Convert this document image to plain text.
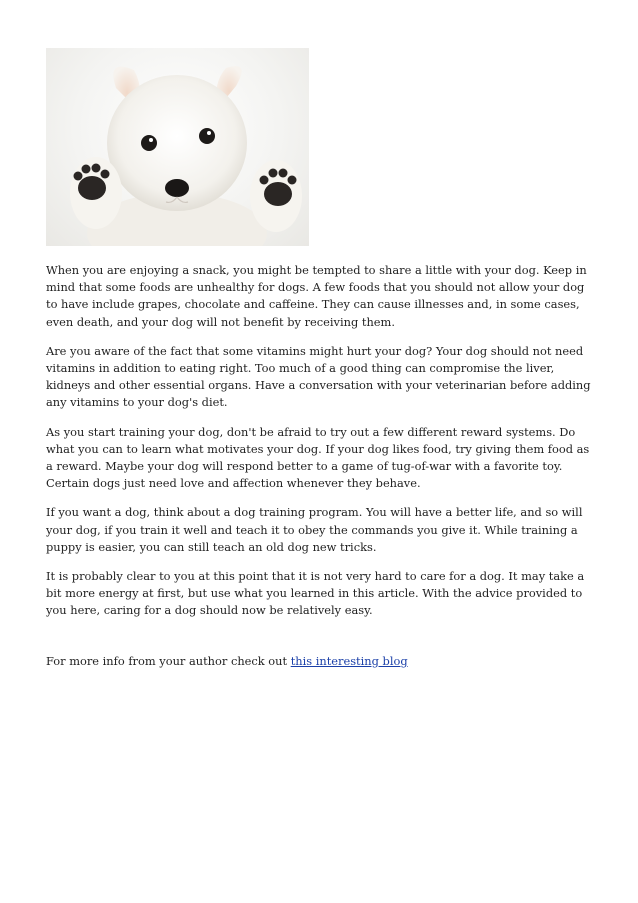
When you are enjoying a snack, you might be tempted to share a little with your dog. Keep in mind that some foods are unhealthy for dogs. A few foods that you should not allow your dog to have include grapes, chocolate and caffeine. They can cause illnesses and, in some cases, even death, and your dog will not benefit by receiving them.

Are you aware of the fact that some vitamins might hurt your dog? Your dog should not need vitamins in addition to eating right. Too much of a good thing can compromise the liver, kidneys and other essential organs. Have a conversation with your veterinarian before adding any vitamins to your dog's diet.

As you start training your dog, don't be afraid to try out a few different reward systems. Do what you can to learn what motivates your dog. If your dog likes food, try giving them food as a reward. Maybe your dog will respond better to a game of tug-of-war with a favorite toy. Certain dogs just need love and affection whenever they behave.

If you want a dog, think about a dog training program. You will have a better life, and so will your dog, if you train it well and teach it to obey the commands you give it. While training a puppy is easier, you can still teach an old dog new tricks.

It is probably clear to you at this point that it is not very hard to care for a dog. It may take a bit more energy at first, but use what you learned in this article. With the advice provided to you here, caring for a dog should now be relatively easy.

For more info from your author check out this interesting blog
